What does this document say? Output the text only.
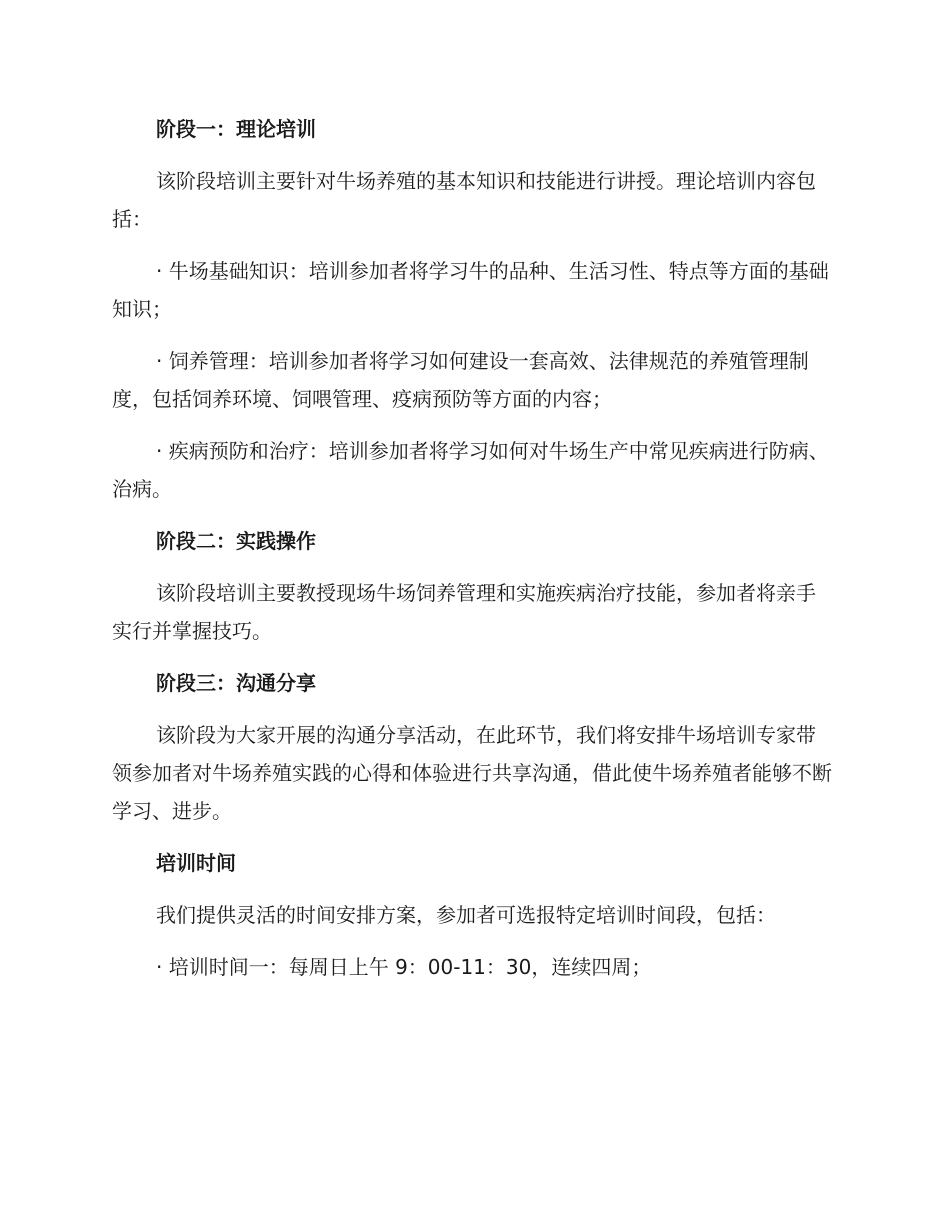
阶段一：理论培训

该阶段培训主要针对牛场养殖的基本知识和技能进行讲授。理论培训内容包括：

· 牛场基础知识：培训参加者将学习牛的品种、生活习性、特点等方面的基础知识；

· 饲养管理：培训参加者将学习如何建设一套高效、法律规范的养殖管理制度，包括饲养环境、饲喂管理、疫病预防等方面的内容；

· 疾病预防和治疗：培训参加者将学习如何对牛场生产中常见疾病进行防病、治病。

阶段二：实践操作

该阶段培训主要教授现场牛场饲养管理和实施疾病治疗技能，参加者将亲手实行并掌握技巧。

阶段三：沟通分享

该阶段为大家开展的沟通分享活动，在此环节，我们将安排牛场培训专家带领参加者对牛场养殖实践的心得和体验进行共享沟通，借此使牛场养殖者能够不断学习、进步。

培训时间

我们提供灵活的时间安排方案，参加者可选报特定培训时间段，包括：

· 培训时间一：每周日上午 9：00-11：30，连续四周；
